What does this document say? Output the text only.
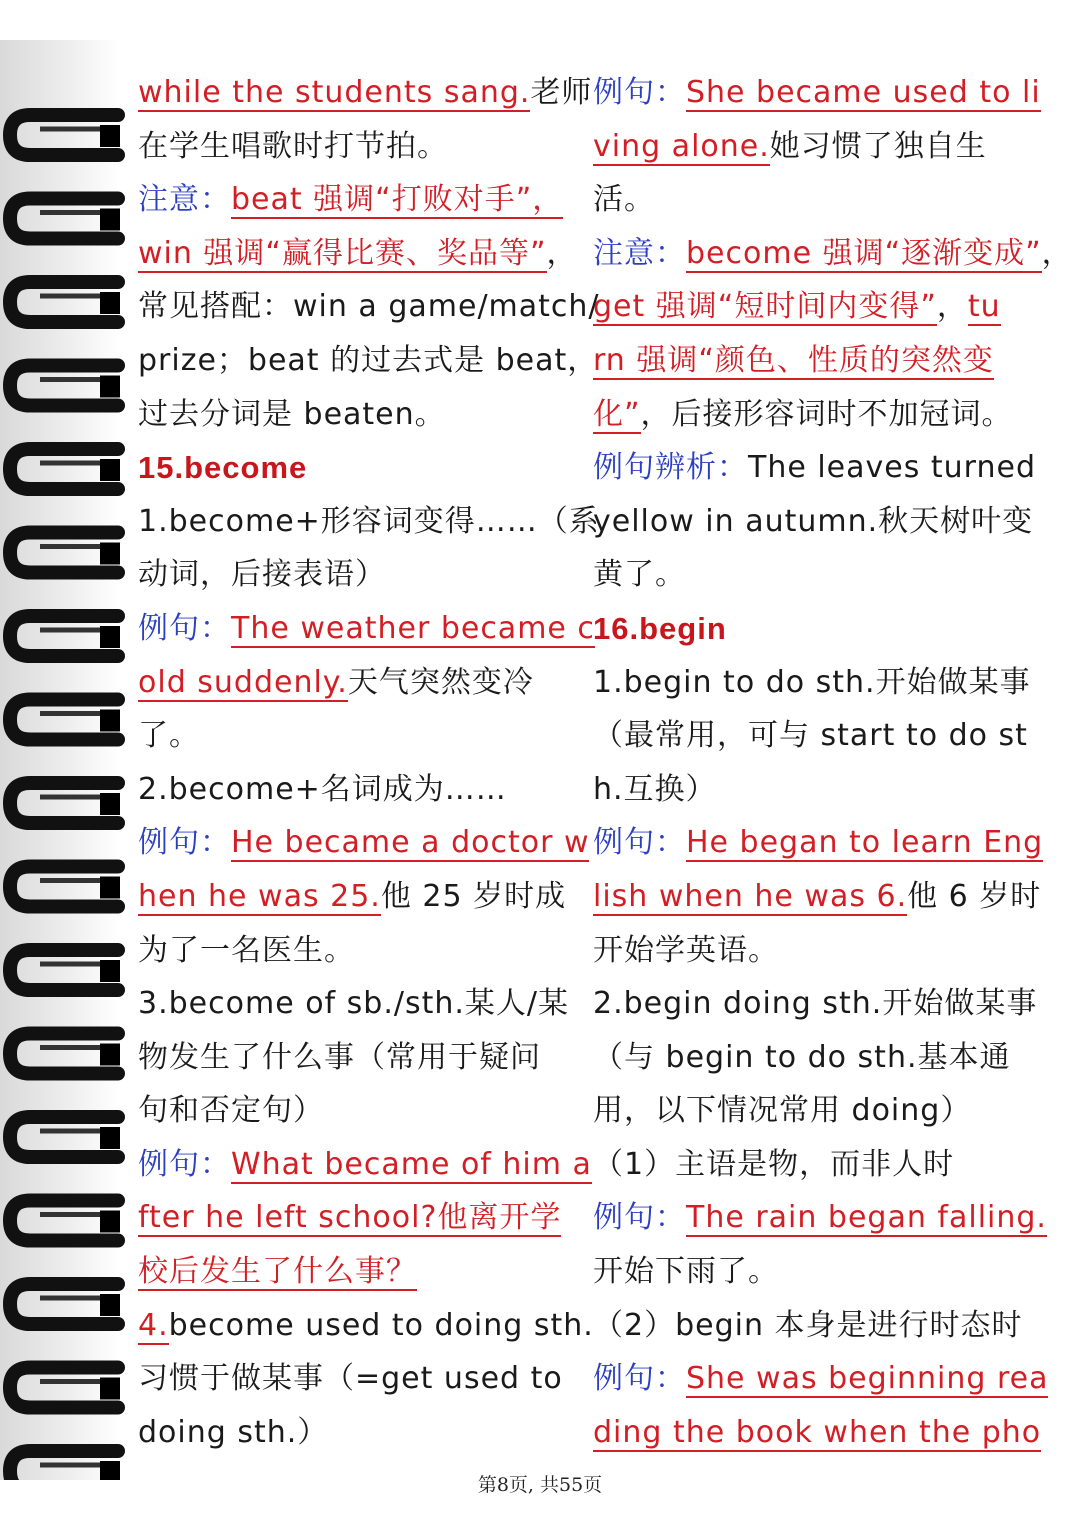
while the students sang.老师
在学生唱歌时打节拍。
注意：beat 强调“打败对手”，
win 强调“赢得比赛、奖品等”，
常见搭配：win a game/match/
prize；beat 的过去式是 beat，
过去分词是 beaten。
15.become
1.become+形容词变得……（系
动词，后接表语）
例句：The weather became c
old suddenly.天气突然变冷
了。
2.become+名词成为……
例句：He became a doctor w
hen he was 25.他 25 岁时成
为了一名医生。
3.become of sb./sth.某人/某
物发生了什么事（常用于疑问
句和否定句）
例句：What became of him a
fter he left school?他离开学
校后发生了什么事？
4.become used to doing sth.
习惯于做某事（=get used to
doing sth.）
例句：She became used to li
ving alone.她习惯了独自生
活。
注意：become 强调“逐渐变成”，
get 强调“短时间内变得”，tu
rn 强调“颜色、性质的突然变
化”，后接形容词时不加冠词。
例句辨析：The leaves turned
yellow in autumn.秋天树叶变
黄了。
16.begin
1.begin to do sth.开始做某事
（最常用，可与 start to do st
h.互换）
例句：He began to learn Eng
lish when he was 6.他 6 岁时
开始学英语。
2.begin doing sth.开始做某事
（与 begin to do sth.基本通
用，以下情况常用 doing）
（1）主语是物，而非人时
例句：The rain began falling.
开始下雨了。
（2）begin 本身是进行时态时
例句：She was beginning rea
ding the book when the pho
第8页, 共55页
